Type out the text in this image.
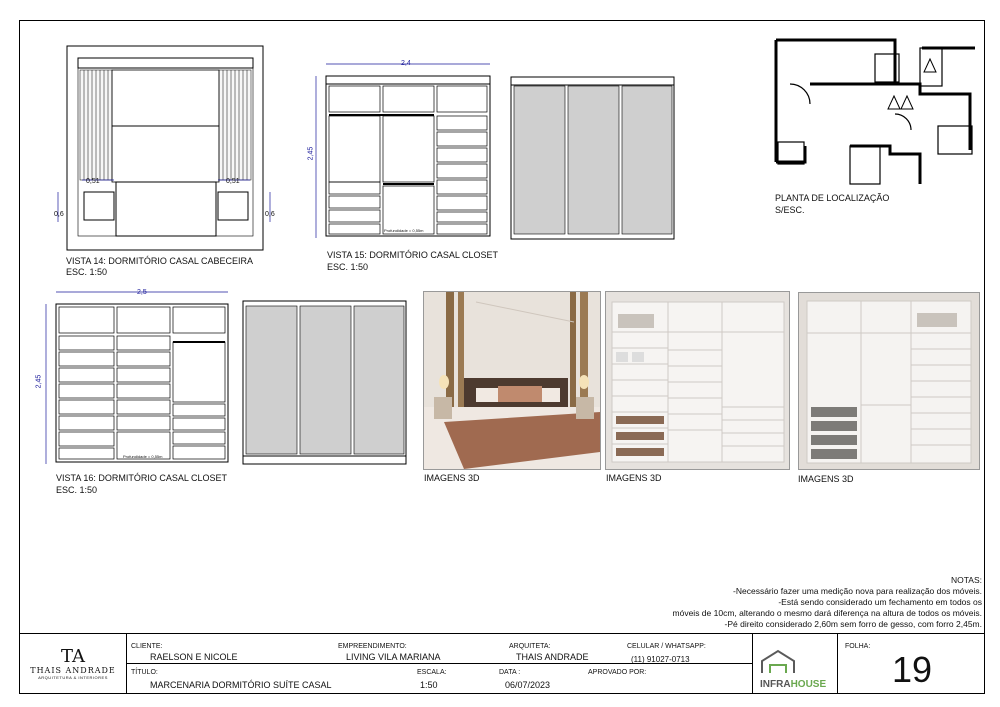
0,51	0,51
0,6	0,6
VISTA 14: DORMITÓRIO CASAL CABECEIRA
ESC. 1:50
2,4
2,45
Profundidade = 0,55m
VISTA 15: DORMITÓRIO CASAL CLOSET
ESC. 1:50
2,5
2,45
Profundidade = 0,55m
VISTA 16: DORMITÓRIO CASAL CLOSET
ESC. 1:50
PLANTA DE LOCALIZAÇÃO
S/ESC.
IMAGENS 3D	IMAGENS 3D	IMAGENS 3D
NOTAS:
-Necessário fazer uma medição nova para realização dos móveis.
-Está sendo considerado um fechamento em todos os
móveis de 10cm, alterando o mesmo dará diferença na altura de todos os móveis.
-Pé direito considerado 2,60m sem forro de gesso, com forro 2,45m.
TA
THAIS ANDRADE
ARQUITETURA & INTERIORES
CLIENTE:
RAELSON E NICOLE
EMPREENDIMENTO:
LIVING VILA MARIANA
ARQUITETA:
THAIS ANDRADE
CELULAR / WHATSAPP:
(11) 91027-0713
TÍTULO:
MARCENARIA DORMITÓRIO SUÍTE CASAL
ESCALA:
1:50
DATA :
06/07/2023
APROVADO POR:
INFRAHOUSE
FOLHA:
19
